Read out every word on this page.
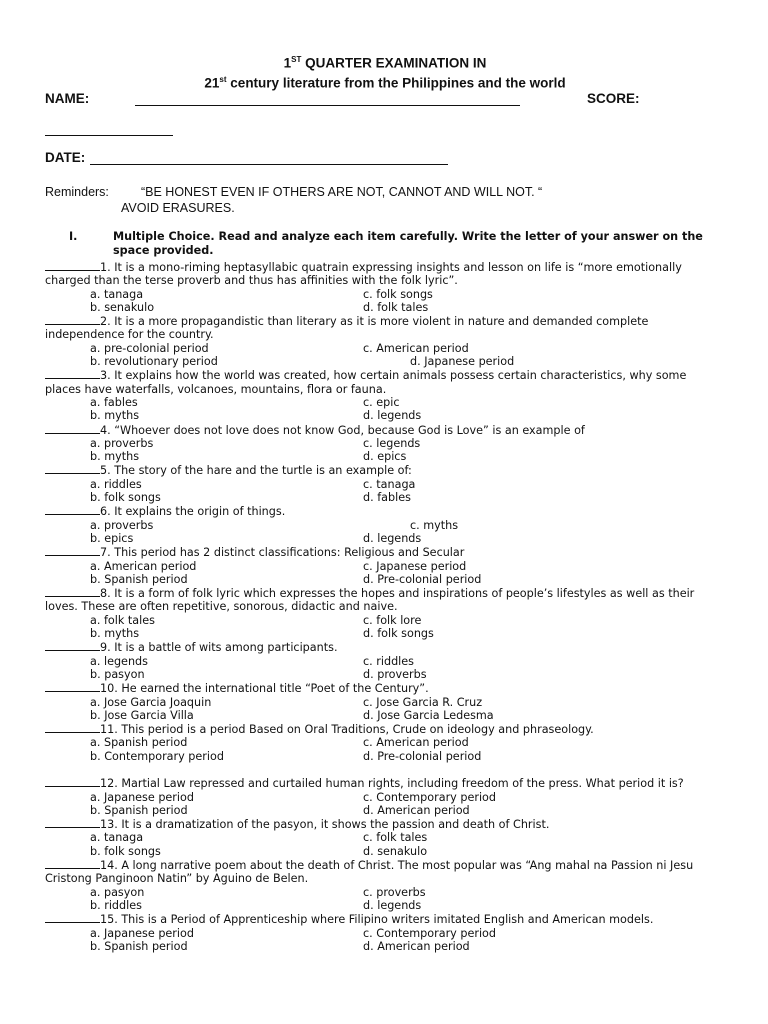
1ST QUARTER EXAMINATION IN
21st century literature from the Philippines and the world
NAME:	SCORE:
DATE:
Reminders:	“BE HONEST EVEN IF OTHERS ARE NOT, CANNOT AND WILL NOT. “
AVOID ERASURES.
I.	Multiple Choice. Read and analyze each item carefully. Write the letter of your answer on the space provided.
1. It is a mono-riming heptasyllabic quatrain expressing insights and lesson on life is “more emotionally charged than the terse proverb and thus has affinities with the folk lyric”.
a. tanaga	c. folk songs
b. senakulo	d. folk tales
2. It is a more propagandistic than literary as it is more violent in nature and demanded complete independence for the country.
a. pre-colonial period	c. American period
b. revolutionary period	d. Japanese period
3. It explains how the world was created, how certain animals possess certain characteristics, why some places have waterfalls, volcanoes, mountains, flora or fauna.
a. fables	c. epic
b. myths	d. legends
4. “Whoever does not love does not know God, because God is Love” is an example of
a. proverbs	c. legends
b. myths	d. epics
5. The story of the hare and the turtle is an example of:
a. riddles	c. tanaga
b. folk songs	d. fables
6. It explains the origin of things.
a. proverbs	c. myths
b. epics	d. legends
7. This period has 2 distinct classifications: Religious and Secular
a. American period	c. Japanese period
b. Spanish period	d. Pre-colonial period
8. It is a form of folk lyric which expresses the hopes and inspirations of people’s lifestyles as well as their loves. These are often repetitive, sonorous, didactic and naive.
a. folk tales	c. folk lore
b. myths	d. folk songs
9. It is a battle of wits among participants.
a. legends	c. riddles
b. pasyon	d. proverbs
10. He earned the international title “Poet of the Century”.
a. Jose Garcia Joaquin	c. Jose Garcia R. Cruz
b. Jose Garcia Villa	d. Jose Garcia Ledesma
11. This period is a period Based on Oral Traditions, Crude on ideology and phraseology.
a. Spanish period	c. American period
b. Contemporary period	d. Pre-colonial period
12. Martial Law repressed and curtailed human rights, including freedom of the press. What period it is?
a. Japanese period	c. Contemporary period
b. Spanish period	d. American period
13. It is a dramatization of the pasyon, it shows the passion and death of Christ.
a. tanaga	c. folk tales
b. folk songs	d. senakulo
14. A long narrative poem about the death of Christ. The most popular was “Ang mahal na Passion ni Jesu Cristong Panginoon Natin” by Aguino de Belen.
a. pasyon	c. proverbs
b. riddles	d. legends
15. This is a Period of Apprenticeship where Filipino writers imitated English and American models.
a. Japanese period	c. Contemporary period
b. Spanish period	d. American period
